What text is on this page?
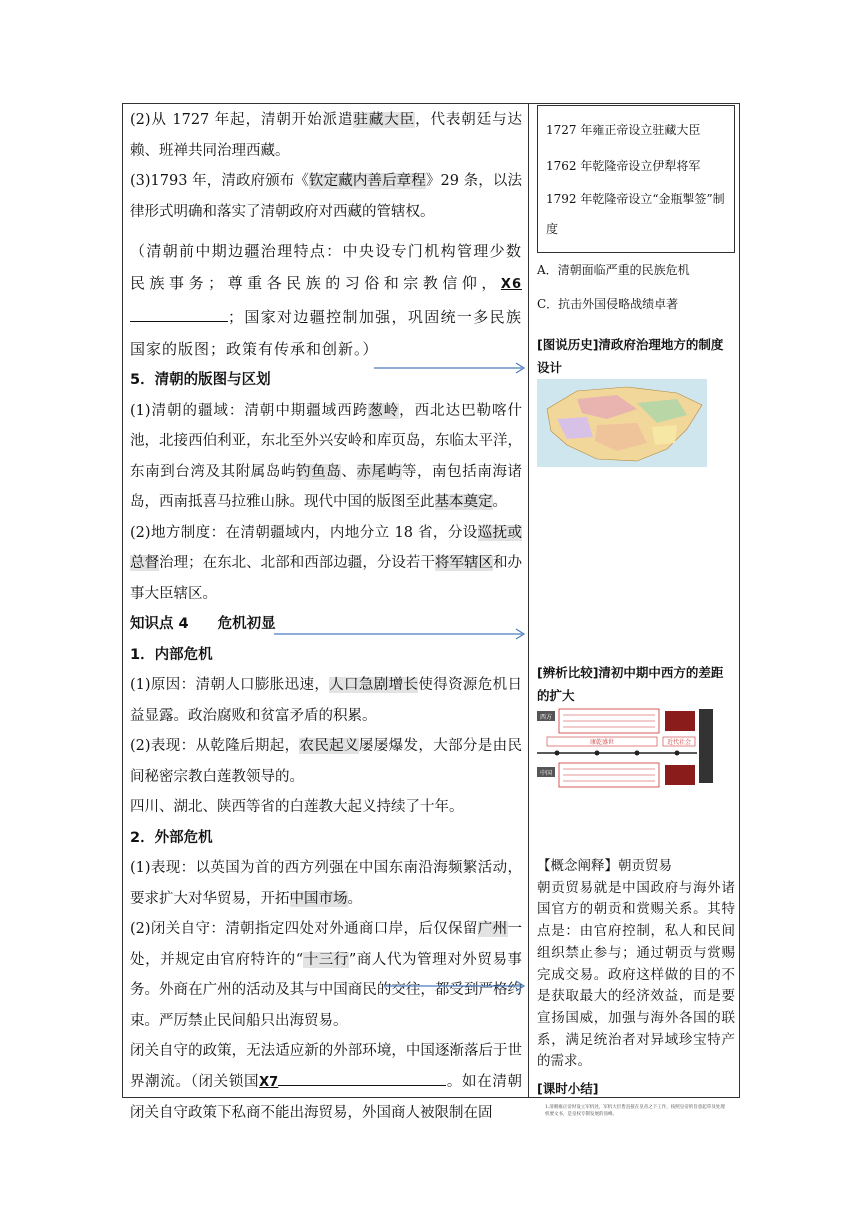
(2)从 1727 年起，清朝开始派遣驻藏大臣，代表朝廷与达赖、班禅共同治理西藏。

(3)1793 年，清政府颁布《钦定藏内善后章程》29 条，以法律形式明确和落实了清朝政府对西藏的管辖权。

（清朝前中期边疆治理特点：中央设专门机构管理少数民族事务；尊重各民族的习俗和宗教信仰，X6；国家对边疆控制加强，巩固统一多民族国家的版图；政策有传承和创新。）

5．清朝的版图与区划

(1)清朝的疆域：清朝中期疆域西跨葱岭，西北达巴勒喀什池，北接西伯利亚，东北至外兴安岭和库页岛，东临太平洋，东南到台湾及其附属岛屿钓鱼岛、赤尾屿等，南包括南海诸岛，西南抵喜马拉雅山脉。现代中国的版图至此基本奠定。

(2)地方制度：在清朝疆域内，内地分立 18 省，分设巡抚或总督治理；在东北、北部和西部边疆，分设若干将军辖区和办事大臣辖区。

知识点 4　　危机初显

1．内部危机

(1)原因：清朝人口膨胀迅速，人口急剧增长使得资源危机日益显露。政治腐败和贫富矛盾的积累。

(2)表现：从乾隆后期起，农民起义屡屡爆发，大部分是由民间秘密宗教白莲教领导的。

四川、湖北、陕西等省的白莲教大起义持续了十年。

2．外部危机

(1)表现：以英国为首的西方列强在中国东南沿海频繁活动，要求扩大对华贸易，开拓中国市场。

(2)闭关自守：清朝指定四处对外通商口岸，后仅保留广州一处，并规定由官府特许的“十三行”商人代为管理对外贸易事务。外商在广州的活动及其与中国商民的交往，都受到严格约束。严厉禁止民间船只出海贸易。

闭关自守的政策，无法适应新的外部环境，中国逐渐落后于世界潮流。（闭关锁国X7	。如在清朝闭关自守政策下私商不能出海贸易，外国商人被限制在固

1727 年雍正帝设立驻藏大臣
1762 年乾隆帝设立伊犁将军
1792 年乾隆帝设立“金瓶掣签”制度

A．清朝面临严重的民族危机

C．抗击外国侵略战绩卓著

[图说历史]清政府治理地方的制度设计

[辨析比较]清初中期中西方的差距的扩大

西方
康乾盛世	近代社会
中国

【概念阐释】朝贡贸易

朝贡贸易就是中国政府与海外诸国官方的朝贡和赏赐关系。其特点是：由官府控制，私人和民间组织禁止参与；通过朝贡与赏赐完成交易。政府这样做的目的不是获取最大的经济效益，而是要宣扬国威，加强与海外各国的联系，满足统治者对异域珍宝特产的需求。

[课时小结]

1.清朝雍正帝时设立军机处，军机大臣皆直接在皇帝之下工作，按照皇帝的旨意起草及处理机要文书，是皇权专制发展的顶峰。
